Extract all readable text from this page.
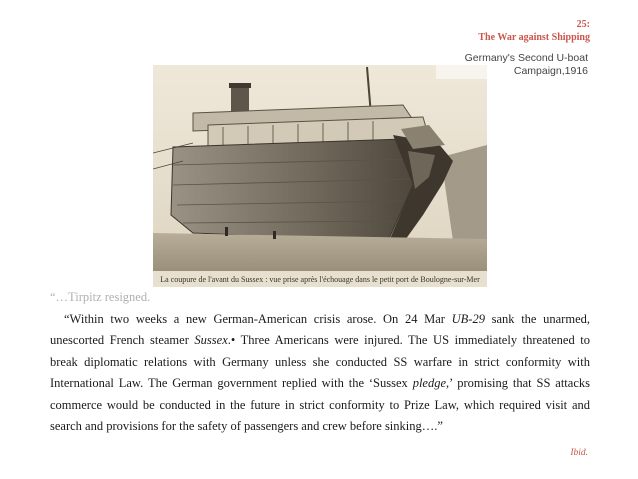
25:
The War against Shipping
La coupure de l'avant du Sussex : vue prise après l'échouage dans le petit port de Boulogne-sur-Mer
Germany's Second U-boat
Campaign,1916

“…Tirpitz resigned.

“Within two weeks a new German-American crisis arose. On 24 Mar UB-29 sank the unarmed, unescorted French steamer Sussex.• Three Americans were injured. The US immediately threatened to break diplomatic relations with Germany unless she conducted SS warfare in strict conformity with International Law. The German government replied with the ‘Sussex pledge,’ promising that SS attacks commerce would be conducted in the future in strict conformity to Prize Law, which required visit and search and provisions for the safety of passengers and crew before sinking….”

Ibid.
